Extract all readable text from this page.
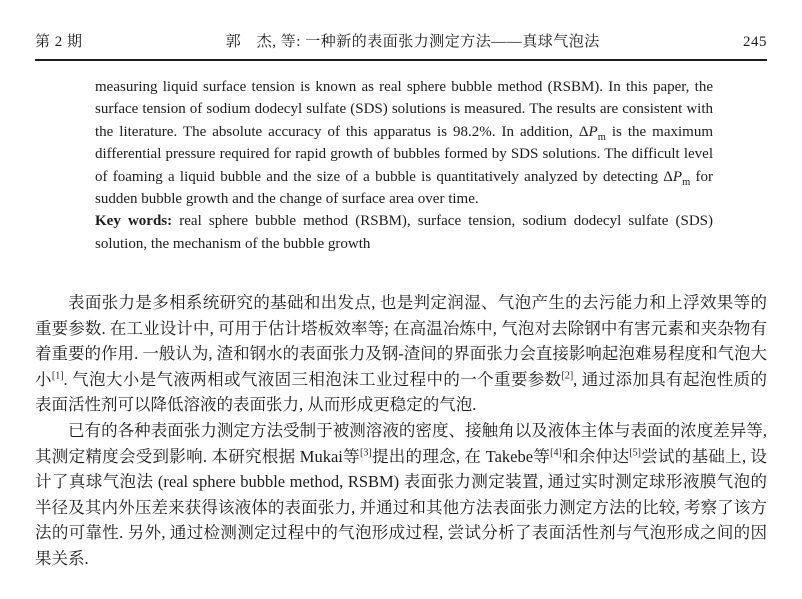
第 2 期	郭　杰, 等: 一种新的表面张力测定方法——真球气泡法	245

measuring liquid surface tension is known as real sphere bubble method (RSBM). In this paper, the surface tension of sodium dodecyl sulfate (SDS) solutions is measured. The results are consistent with the literature. The absolute accuracy of this apparatus is 98.2%. In addition, $\Delta P_m$ is the maximum differential pressure required for rapid growth of bubbles formed by SDS solutions. The difficult level of foaming a liquid bubble and the size of a bubble is quantitatively analyzed by detecting $\Delta P_m$ for sudden bubble growth and the change of surface area over time.

Key words: real sphere bubble method (RSBM), surface tension, sodium dodecyl sulfate (SDS) solution, the mechanism of the bubble growth

表面张力是多相系统研究的基础和出发点, 也是判定润湿、气泡产生的去污能力和上浮效果等的重要参数. 在工业设计中, 可用于估计塔板效率等; 在高温冶炼中, 气泡对去除钢中有害元素和夹杂物有着重要的作用. 一般认为, 渣和钢水的表面张力及钢-渣间的界面张力会直接影响起泡难易程度和气泡大小[1]. 气泡大小是气液两相或气液固三相泡沫工业过程中的一个重要参数[2], 通过添加具有起泡性质的表面活性剂可以降低溶液的表面张力, 从而形成更稳定的气泡.

已有的各种表面张力测定方法受制于被测溶液的密度、接触角以及液体主体与表面的浓度差异等, 其测定精度会受到影响. 本研究根据 Mukai等[3]提出的理念, 在 Takebe等[4]和余仲达[5]尝试的基础上, 设计了真球气泡法 (real sphere bubble method, RSBM) 表面张力测定装置, 通过实时测定球形液膜气泡的半径及其内外压差来获得该液体的表面张力, 并通过和其他方法表面张力测定方法的比较, 考察了该方法的可靠性. 另外, 通过检测测定过程中的气泡形成过程, 尝试分析了表面活性剂与气泡形成之间的因果关系.
